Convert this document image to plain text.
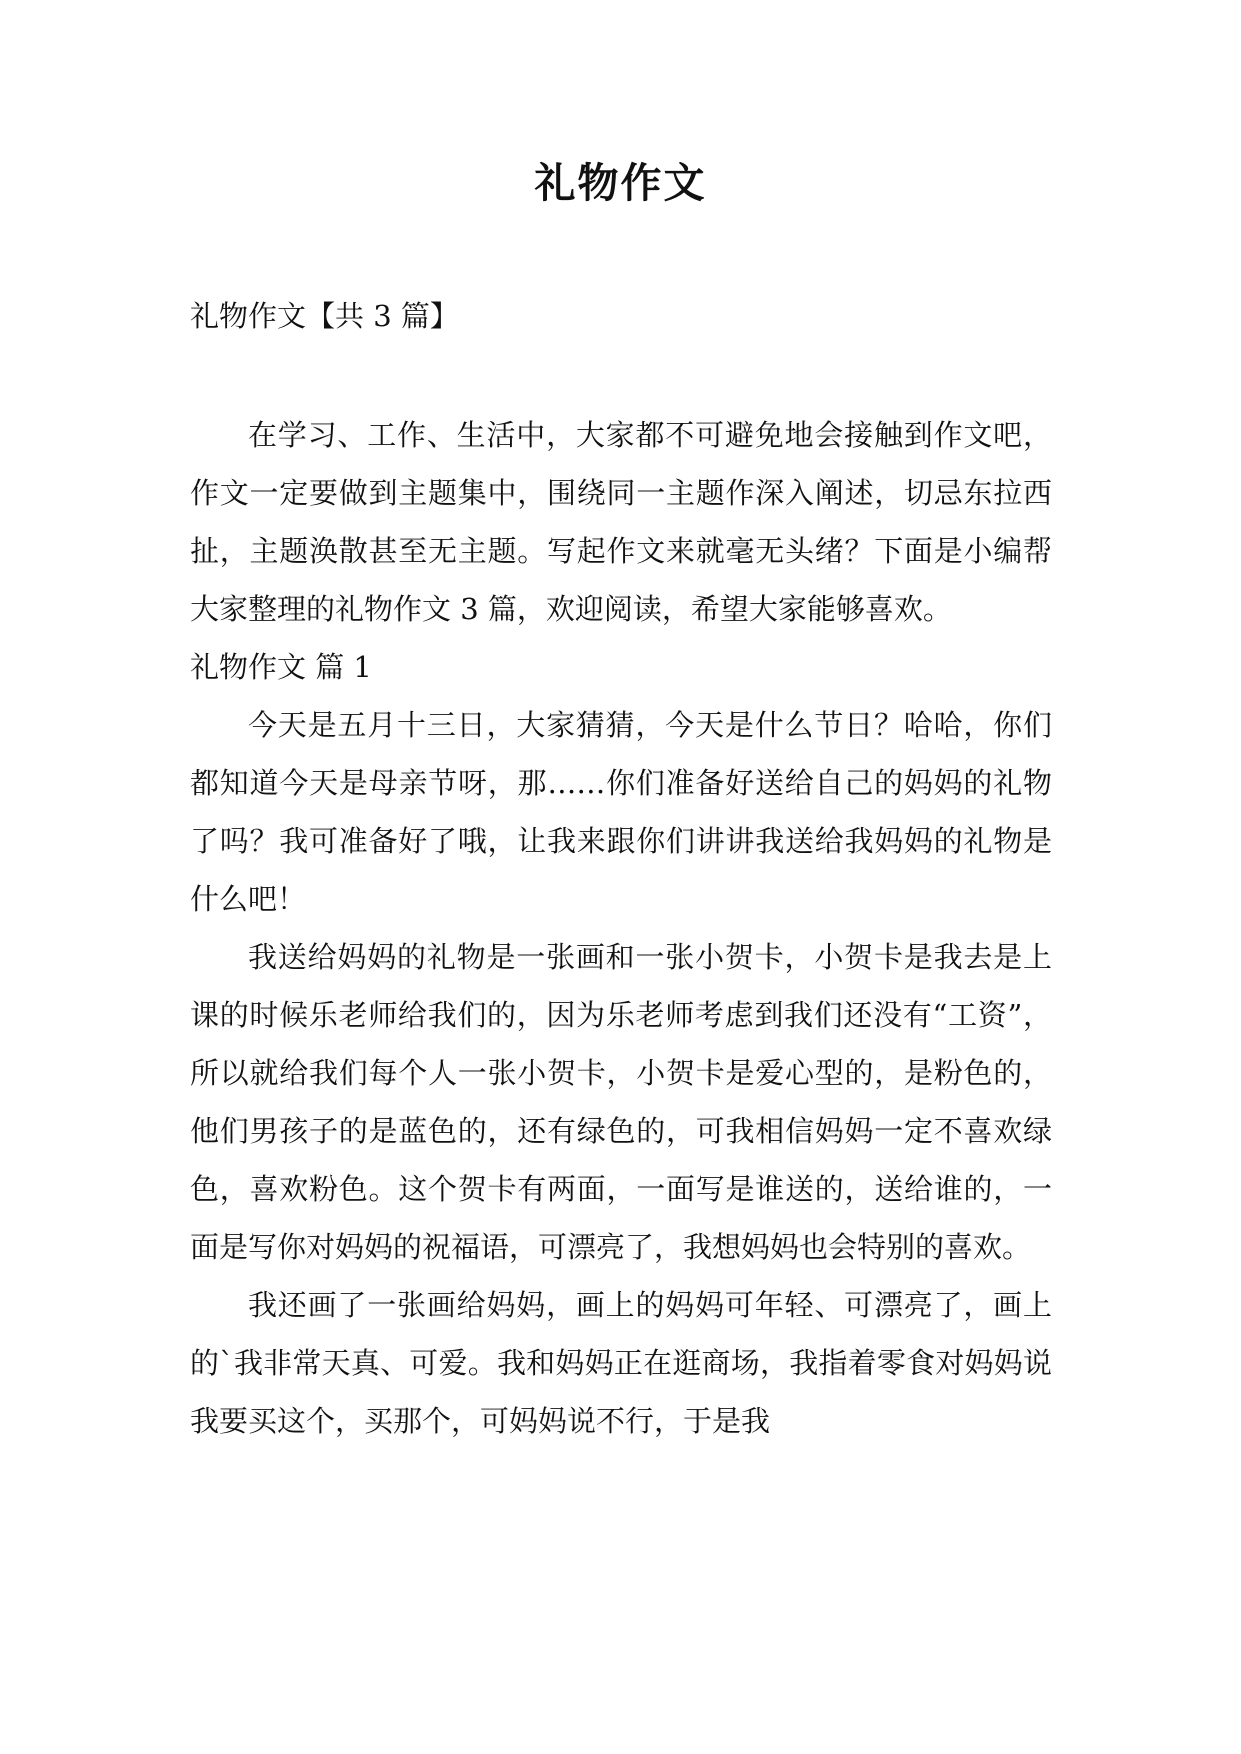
礼物作文
礼物作文【共 3 篇】

在学习、工作、生活中，大家都不可避免地会接触到作文吧，作文一定要做到主题集中，围绕同一主题作深入阐述，切忌东拉西扯，主题涣散甚至无主题。写起作文来就毫无头绪？下面是小编帮大家整理的礼物作文 3 篇，欢迎阅读，希望大家能够喜欢。

礼物作文 篇 1

今天是五月十三日，大家猜猜，今天是什么节日？哈哈，你们都知道今天是母亲节呀，那……你们准备好送给自己的妈妈的礼物了吗？我可准备好了哦，让我来跟你们讲讲我送给我妈妈的礼物是什么吧！

我送给妈妈的礼物是一张画和一张小贺卡，小贺卡是我去是上课的时候乐老师给我们的，因为乐老师考虑到我们还没有“工资”，所以就给我们每个人一张小贺卡，小贺卡是爱心型的，是粉色的，他们男孩子的是蓝色的，还有绿色的，可我相信妈妈一定不喜欢绿色，喜欢粉色。这个贺卡有两面，一面写是谁送的，送给谁的，一面是写你对妈妈的祝福语，可漂亮了，我想妈妈也会特别的喜欢。

我还画了一张画给妈妈，画上的妈妈可年轻、可漂亮了，画上的`我非常天真、可爱。我和妈妈正在逛商场，我指着零食对妈妈说我要买这个，买那个，可妈妈说不行，于是我
